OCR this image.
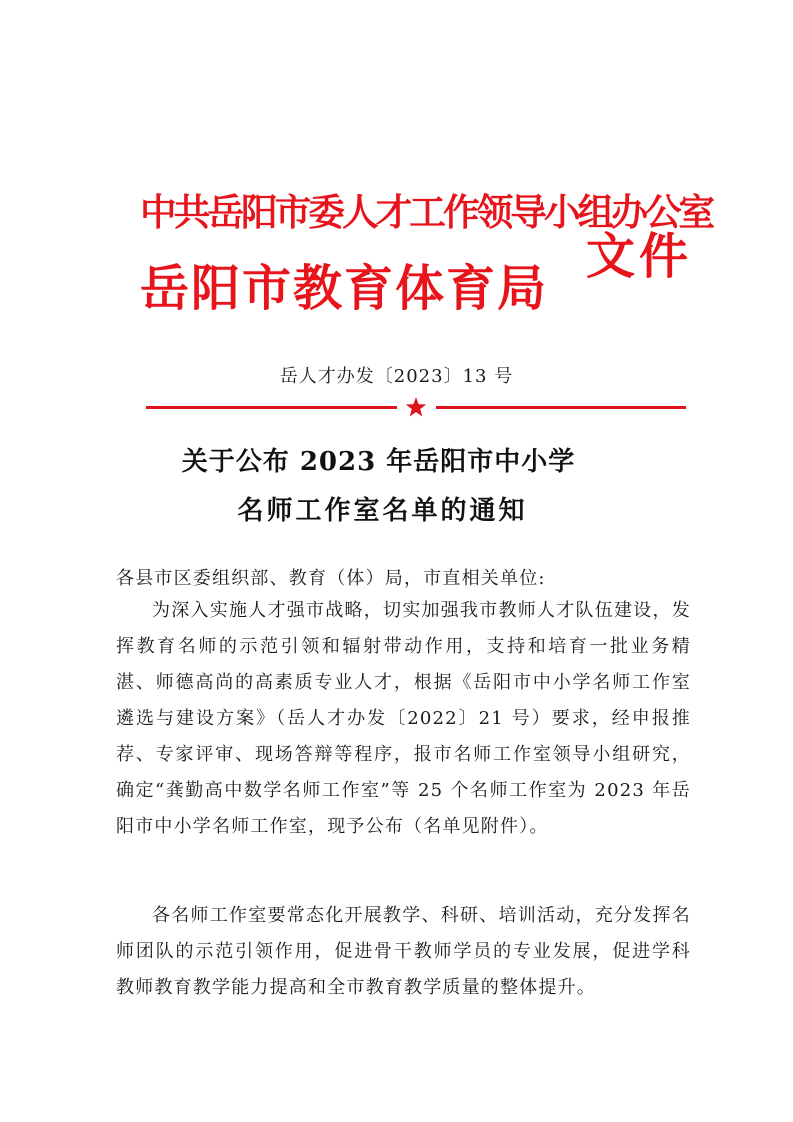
中共岳阳市委人才工作领导小组办公室
岳阳市教育体育局
文件
岳人才办发〔2023〕13 号
关于公布 2023 年岳阳市中小学
名师工作室名单的通知
各县市区委组织部、教育（体）局，市直相关单位:
为深入实施人才强市战略，切实加强我市教师人才队伍建设，发挥教育名师的示范引领和辐射带动作用，支持和培育一批业务精湛、师德高尚的高素质专业人才，根据《岳阳市中小学名师工作室遴选与建设方案》（岳人才办发〔2022〕21 号）要求，经申报推荐、专家评审、现场答辩等程序，报市名师工作室领导小组研究，确定“龚勤高中数学名师工作室”等 25 个名师工作室为 2023 年岳阳市中小学名师工作室，现予公布（名单见附件）。
各名师工作室要常态化开展教学、科研、培训活动，充分发挥名师团队的示范引领作用，促进骨干教师学员的专业发展，促进学科教师教育教学能力提高和全市教育教学质量的整体提升。
